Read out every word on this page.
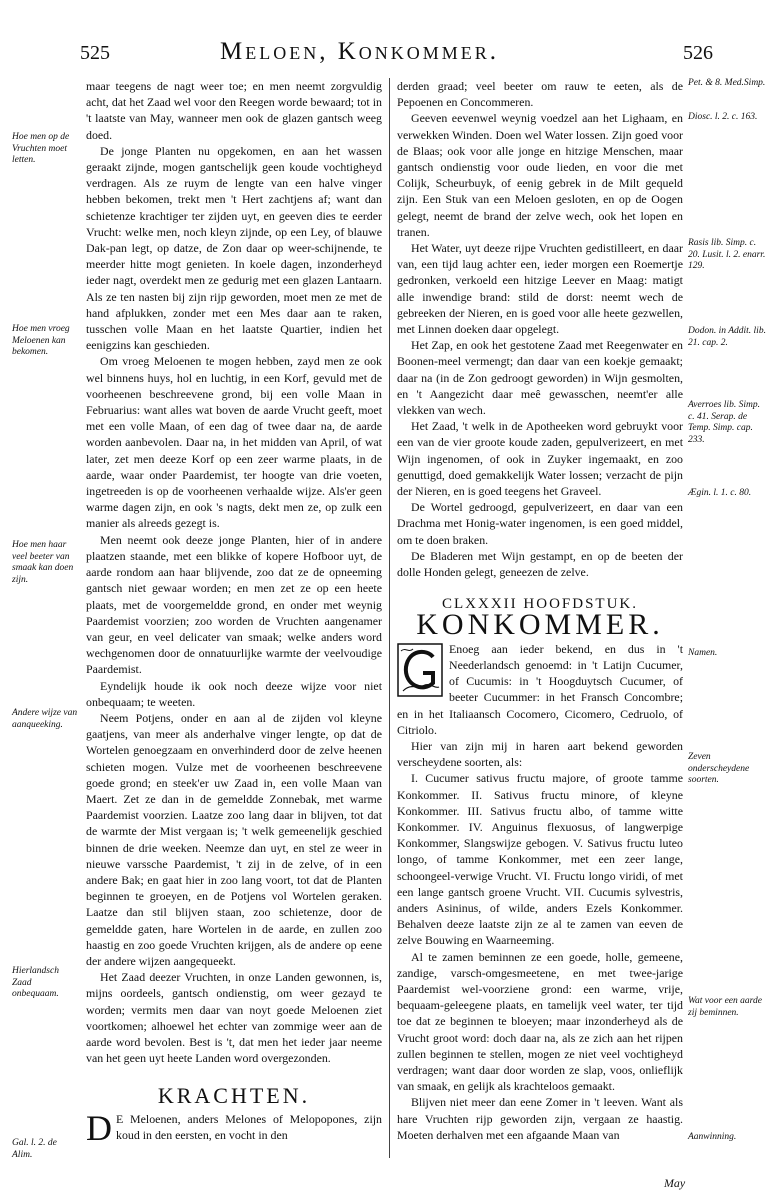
525	Meloen, Konkommer.	526
Hoe men op de Vruchten moet letten.
Hoe men vroeg Meloenen kan bekomen.
Hoe men haar veel beeter van smaak kan doen zijn.
Andere wijze van aanqueeking.
Hierlandsch Zaad onbequaam.
Gal. l. 2. de Alim.

maar teegens de nagt weer toe; en men neemt zorgvuldig acht, dat het Zaad wel voor den Reegen worde bewaard; tot in 't laatste van May, wanneer men ook de glazen gantsch weeg doed.

De jonge Planten nu opgekomen, en aan het wassen geraakt zijnde, mogen gantschelijk geen koude vochtigheyd verdragen. Als ze ruym de lengte van een halve vinger hebben bekomen, trekt men 't Hert zachtjens af; want dan schietenze krachtiger ter zijden uyt, en geeven dies te eerder Vrucht: welke men, noch kleyn zijnde, op een Ley, of blauwe Dak-pan legt, op datze, de Zon daar op weer-schijnende, te meerder hitte mogt genieten. In koele dagen, inzonderheyd ieder nagt, overdekt men ze gedurig met een glazen Lantaarn. Als ze ten nasten bij zijn rijp geworden, moet men ze met de hand afplukken, zonder met een Mes daar aan te raken, tusschen volle Maan en het laatste Quartier, indien het eenigzins kan geschieden.

Om vroeg Meloenen te mogen hebben, zayd men ze ook wel binnens huys, hol en luchtig, in een Korf, gevuld met de voorheenen beschreevene grond, bij een volle Maan in Februarius: want alles wat boven de aarde Vrucht geeft, moet met een volle Maan, of een dag of twee daar na, de aarde worden aanbevolen. Daar na, in het midden van April, of wat later, zet men deeze Korf op een zeer warme plaats, in de aarde, waar onder Paardemist, ter hoogte van drie voeten, ingetreeden is op de voorheenen verhaalde wijze. Als'er geen warme dagen zijn, en ook 's nagts, dekt men ze, op zulk een manier als alreeds gezegt is.

Men neemt ook deeze jonge Planten, hier of in andere plaatzen staande, met een blikke of kopere Hofboor uyt, de aarde rondom aan haar blijvende, zoo dat ze de opneeming gantsch niet gewaar worden; en men zet ze op een heete plaats, met de voorgemeldde grond, en onder met weynig Paardemist voorzien; zoo worden de Vruchten aangenamer van geur, en veel delicater van smaak; welke anders word wechgenomen door de onnatuurlijke warmte der veelvoudige Paardemist.

Eyndelijk houde ik ook noch deeze wijze voor niet onbequaam; te weeten.

Neem Potjens, onder en aan al de zijden vol kleyne gaatjens, van meer als anderhalve vinger lengte, op dat de Wortelen genoegzaam en onverhinderd door de zelve heenen schieten mogen. Vulze met de voorheenen beschreevene goede grond; en steek'er uw Zaad in, een volle Maan van Maert. Zet ze dan in de gemeldde Zonnebak, met warme Paardemist voorzien. Laatze zoo lang daar in blijven, tot dat de warmte der Mist vergaan is; 't welk gemeenelijk geschied binnen de drie weeken. Neemze dan uyt, en stel ze weer in nieuwe varssche Paardemist, 't zij in de zelve, of in een andere Bak; en gaat hier in zoo lang voort, tot dat de Planten beginnen te groeyen, en de Potjens vol Wortelen geraken. Laatze dan stil blijven staan, zoo schietenze, door de gemeldde gaten, hare Wortelen in de aarde, en zullen zoo haastig en zoo goede Vruchten krijgen, als de andere op eene der andere wijzen aangequeekt.

Het Zaad deezer Vruchten, in onze Landen gewonnen, is, mijns oordeels, gantsch ondienstig, om weer gezayd te worden; vermits men daar van noyt goede Meloenen ziet voortkomen; alhoewel het echter van zommige weer aan de aarde word bevolen. Best is 't, dat men het ieder jaar neeme van het geen uyt heete Landen word overgezonden.

KRACHTEN.

D E Meloenen, anders Melones of Melopopones, zijn koud in den eersten, en vocht in den

Pet. & 8. Med.Simp.
Diosc. l. 2. c. 163.
Rasis lib. Simp. c. 20. Lusit. l. 2. enarr. 129.
Dodon. in Addit. lib. 21. cap. 2.
Averroes lib. Simp. c. 41. Serap. de Temp. Simp. cap. 233.
Ægin. l. 1. c. 80.
Namen.
Zeven onderscheydene soorten.
Wat voor een aarde zij beminnen.
Aanwinning.

derden graad; veel beeter om rauw te eeten, als de Pepoenen en Concommeren.

Geeven eevenwel weynig voedzel aan het Lighaam, en verwekken Winden. Doen wel Water lossen. Zijn goed voor de Blaas; ook voor alle jonge en hitzige Menschen, maar gantsch ondienstig voor oude lieden, en voor die met Colijk, Scheurbuyk, of eenig gebrek in de Milt gequeld zijn. Een Stuk van een Meloen gesloten, en op de Oogen gelegt, neemt de brand der zelve wech, ook het lopen en tranen.

Het Water, uyt deeze rijpe Vruchten gedistilleert, en daar van, een tijd laug achter een, ieder morgen een Roemertje gedronken, verkoeld een hitzige Leever en Maag: matigt alle inwendige brand: stild de dorst: neemt wech de gebreeken der Nieren, en is goed voor alle heete gezwellen, met Linnen doeken daar opgelegt.

Het Zap, en ook het gestotene Zaad met Reegenwater en Boonen-meel vermengt; dan daar van een koekje gemaakt; daar na (in de Zon gedroogt geworden) in Wijn gesmolten, en 't Aangezicht daar meê gewasschen, neemt'er alle vlekken van wech.

Het Zaad, 't welk in de Apotheeken word gebruykt voor een van de vier groote koude zaden, gepulverizeert, en met Wijn ingenomen, of ook in Zuyker ingemaakt, en zoo genuttigd, doed gemakkelijk Water lossen; verzacht de pijn der Nieren, en is goed teegens het Graveel.

De Wortel gedroogd, gepulverizeert, en daar van een Drachma met Honig-water ingenomen, is een goed middel, om te doen braken.

De Bladeren met Wijn gestampt, en op de beeten der dolle Honden gelegt, geneezen de zelve.

CLXXXII HOOFDSTUK.
KONKOMMER.

Enoeg aan ieder bekend, en dus in 't Neederlandsch genoemd: in 't Latijn Cucumer, of Cucumis: in 't Hoogduytsch Cucumer, of beeter Cucummer: in het Fransch Concombre; en in het Italiaansch Cocomero, Cicomero, Cedruolo, of Citriolo.

Hier van zijn mij in haren aart bekend geworden verscheydene soorten, als:

I. Cucumer sativus fructu majore, of groote tamme Konkommer. II. Sativus fructu minore, of kleyne Konkommer. III. Sativus fructu albo, of tamme witte Konkommer. IV. Anguinus flexuosus, of langwerpige Konkommer, Slangswijze gebogen. V. Sativus fructu luteo longo, of tamme Konkommer, met een zeer lange, schoongeel-verwige Vrucht. VI. Fructu longo viridi, of met een lange gantsch groene Vrucht. VII. Cucumis sylvestris, anders Asininus, of wilde, anders Ezels Konkommer. Behalven deeze laatste zijn ze al te zamen van eeven de zelve Bouwing en Waarneeming.

Al te zamen beminnen ze een goede, holle, gemeene, zandige, varsch-omgesmeetene, en met twee-jarige Paardemist wel-voorziene grond: een warme, vrije, bequaam-geleegene plaats, en tamelijk veel water, ter tijd toe dat ze beginnen te bloeyen; maar inzonderheyd als de Vrucht groot word: doch daar na, als ze zich aan het rijpen zullen beginnen te stellen, mogen ze niet veel vochtigheyd verdragen; want daar door worden ze slap, voos, onlieflijk van smaak, en gelijk als krachteloos gemaakt.

Blijven niet meer dan eene Zomer in 't leeven. Want als hare Vruchten rijp geworden zijn, vergaan ze haastig. Moeten derhalven met een afgaande Maan van

May
